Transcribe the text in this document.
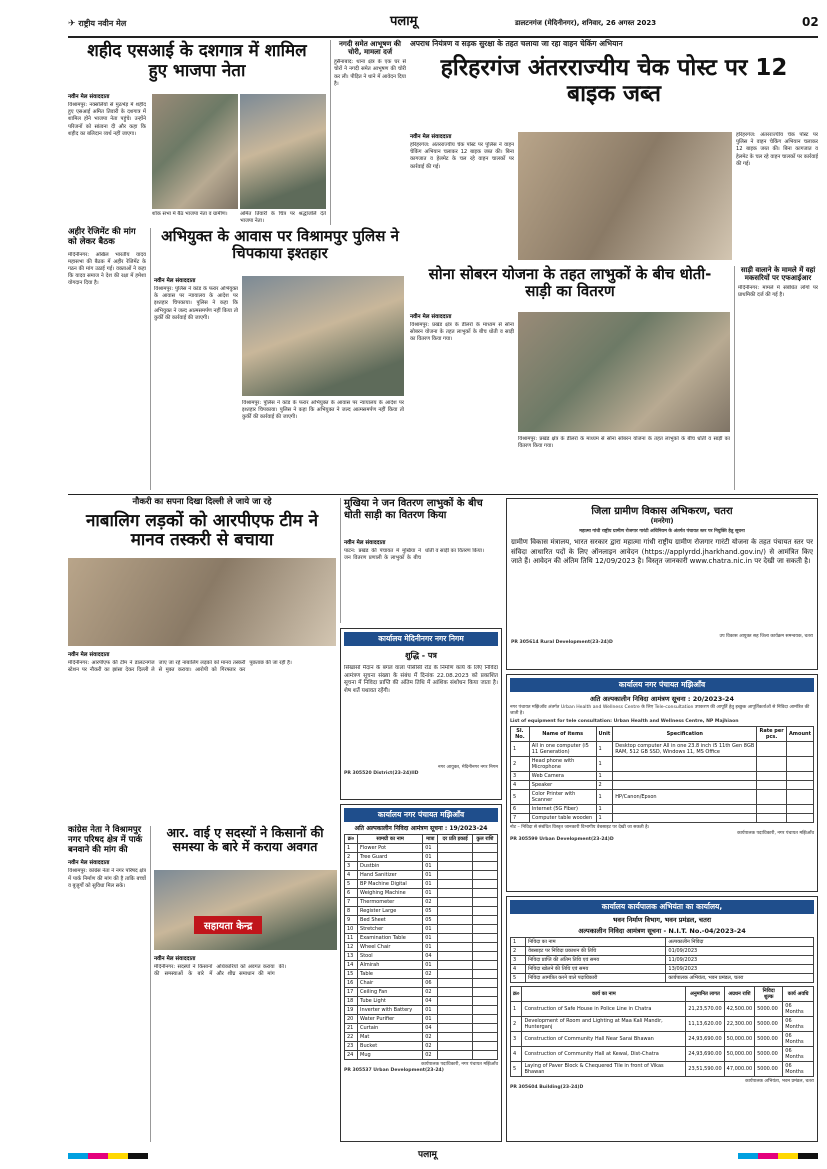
✈ राष्ट्रीय नवीन मेल	पलामू	डालटनगंज (मेदिनीनगर), शनिवार, 26 अगस्त 2023	02
शहीद एसआई के दशगात्र में शामिल हुए भाजपा नेता
नवीन मेल संवाददाता
विश्रामपुर: नक्सलियों से मुठभेड़ में शहीद हुए एसआई अमित तिवारी के दशगात्र में शामिल होने भाजपा नेता पहुंचे। उन्होंने परिजनों को सांत्वना दी और कहा कि शहीद का बलिदान व्यर्थ नहीं जाएगा।
शोक सभा में बैठे भाजपा नेता व ग्रामीण।	अमित तिवारी के चित्र पर श्रद्धांजलि देते भाजपा नेता।
नगदी समेत आभूषण की चोरी, मामला दर्ज
हुसैनाबाद: थाना क्षेत्र के एक घर से चोरों ने नगदी समेत आभूषण की चोरी कर ली। पीड़ित ने थाने में आवेदन दिया है।
अपराध नियंत्रण व सड़क सुरक्षा के तहत चलाया जा रहा वाहन चेकिंग अभियान
हरिहरगंज अंतरराज्यीय चेक पोस्ट पर 12 बाइक जब्त
नवीन मेल संवाददाता
हरिहरगंज: अंतरराज्यीय चेक पोस्ट पर पुलिस ने वाहन चेकिंग अभियान चलाकर 12 बाइक जब्त की। बिना कागजात व हेलमेट के चल रहे वाहन चालकों पर कार्रवाई की गई।
हरिहरगंज: अंतरराज्यीय चेक पोस्ट पर पुलिस ने वाहन चेकिंग अभियान चलाकर 12 बाइक जब्त की। बिना कागजात व हेलमेट के चल रहे वाहन चालकों पर कार्रवाई की गई।
अहीर रेजिमेंट की मांग को लेकर बैठक
मेदिनीनगर: अखिल भारतीय यादव महासभा की बैठक में अहीर रेजिमेंट के गठन की मांग उठाई गई। वक्ताओं ने कहा कि यादव समाज ने देश की रक्षा में हमेशा योगदान दिया है।
अभियुक्त के आवास पर विश्रामपुर पुलिस ने चिपकाया इश्तहार
नवीन मेल संवाददाता
विश्रामपुर: पुलिस ने कांड के फरार अभियुक्त के आवास पर न्यायालय के आदेश पर इश्तहार चिपकाया। पुलिस ने कहा कि अभियुक्त ने जल्द आत्मसमर्पण नहीं किया तो कुर्की की कार्रवाई की जाएगी।
विश्रामपुर: पुलिस ने कांड के फरार अभियुक्त के आवास पर न्यायालय के आदेश पर इश्तहार चिपकाया। पुलिस ने कहा कि अभियुक्त ने जल्द आत्मसमर्पण नहीं किया तो कुर्की की कार्रवाई की जाएगी।
सोना सोबरन योजना के तहत लाभुकों के बीच धोती-साड़ी का वितरण
नवीन मेल संवाददाता
विश्रामपुर: प्रखंड क्षेत्र के डीलरों के माध्यम से सोना सोबरन योजना के तहत लाभुकों के बीच धोती व साड़ी का वितरण किया गया।
विश्रामपुर: प्रखंड क्षेत्र के डीलरों के माध्यम से सोना सोबरन योजना के तहत लाभुकों के बीच धोती व साड़ी का वितरण किया गया।
साड़ी वालाने के मामले में वहां मकसरियों पर एफआईआर
मेदिनीनगर: मामले में संबंधित लोगों पर प्राथमिकी दर्ज की गई है।
नौकरी का सपना दिखा दिल्ली ले जाये जा रहे
नाबालिग लड़कों को आरपीएफ टीम ने मानव तस्करी से बचाया
नवीन मेल संवाददाता
मेदिनीनगर: आरपीएफ की टीम ने डालटनगंज स्टेशन पर नौकरी का झांसा देकर दिल्ली ले जाए जा रहे नाबालिग लड़कों को मानव तस्करी से मुक्त कराया। आरोपी को गिरफ्तार कर पूछताछ की जा रही है।
मुखिया ने जन वितरण लाभुकों के बीच धोती साड़ी का वितरण किया
नवीन मेल संवाददाता
पाटन: प्रखंड की पंचायत में मुखिया ने जन वितरण प्रणाली के लाभुकों के बीच धोती व साड़ी का वितरण किया।
कार्यालय मेदिनीनगर नगर निगम
शुद्धि - पत्र
सिखासो मैदान के बगल वाला पीसीसी रोड के निर्माण कार्य के लिए निविदा आमंत्रण सूचना संख्या के संबंध में दिनांक 22.08.2023 को प्रकाशित सूचना में निविदा प्राप्ति की अंतिम तिथि में आंशिक संशोधन किया जाता है। शेष शर्ते यथावत रहेंगी।
नगर आयुक्त, मेदिनीनगर नगर निगम
PR 305520 District(23-24)IID
कार्यालय नगर पंचायत मझिआँव
अति अल्पकालीन निविदा आमंत्रण सूचना : 19/2023-24
क्र०	सामग्री का नाम	मात्रा	दर प्रति इकाई	कुल राशि
1	Flower Pot	01		
2	Tree Guard	01		
3	Dustbin	01		
4	Hand Sanitizer	01		
5	BP Machine Digital	01		
6	Weighing Machine	01		
7	Thermometer	02		
8	Register Large	05		
9	Bed Sheet	05		
10	Stretcher	01		
11	Examination Table	01		
12	Wheel Chair	01		
13	Stool	04		
14	Almirah	01		
15	Table	02		
16	Chair	06		
17	Ceiling Fan	02		
18	Tube Light	04		
19	Inverter with Battery	01		
20	Water Purifier	01		
21	Curtain	04		
22	Mat	02		
23	Bucket	02		
24	Mug	02		
कार्यपालक पदाधिकारी, नगर पंचायत मझिआँव
PR 305537 Urban Development(23-24)
जिला ग्रामीण विकास अभिकरण, चतरा
(मनरेगा)
महात्मा गांधी राष्ट्रीय ग्रामीण रोजगार गारंटी अधिनियम के अंतर्गत पंचायत स्तर पर नियुक्ति हेतु सूचना
ग्रामीण विकास मंत्रालय, भारत सरकार द्वारा महात्मा गांधी राष्ट्रीय ग्रामीण रोजगार गारंटी योजना के तहत पंचायत स्तर पर संविदा आधारित पदों के लिए ऑनलाइन आवेदन (https://applyrdd.jharkhand.gov.in/) से आमंत्रित किए जाते हैं। आवेदन की अंतिम तिथि 12/09/2023 है। विस्तृत जानकारी www.chatra.nic.in पर देखी जा सकती है।
उप विकास आयुक्त सह जिला कार्यक्रम समन्वयक, चतरा
PR 305614 Rural Development(23-24)D
कार्यालय नगर पंचायत मझिआँव
अति अल्पकालीन निविदा आमंत्रण सूचना : 20/2023-24
नगर पंचायत मझिआँव अंतर्गत Urban Health and Wellness Centre के लिए Tele-consultation उपकरण की आपूर्ति हेतु इच्छुक आपूर्तिकर्ताओं से निविदा आमंत्रित की जाती है।
List of equipment for tele consultation: Urban Health and Wellness Centre, NP Majhiaon
Sl. No.	Name of items	Unit	Specification	Rate per pcs.	Amount
1	All in one computer (i5 11 Generation)	1	Desktop computer All in one 23.8 inch i5 11th Gen 8GB RAM, 512 GB SSD, Windows 11, MS Office		
2	Head phone with Microphone	1			
3	Web Camera	1			
4	Speaker	2			
5	Color Printer with Scanner	1	HP/Canon/Epson		
6	Internet (5G Fiber)	1			
7	Computer table wooden	1			
नोट – निविदा से संबंधित विस्तृत जानकारी विभागीय वेबसाइट पर देखी जा सकती है।
कार्यपालक पदाधिकारी, नगर पंचायत मझिआँव
PR 305599 Urban Development(23-24)D
कांग्रेस नेता ने विश्रामपुर नगर परिषद क्षेत्र में पार्क बनवाने की मांग की
नवीन मेल संवाददाता
विश्रामपुर: कांग्रेस नेता ने नगर परिषद क्षेत्र में पार्क निर्माण की मांग की है ताकि बच्चों व बुजुर्गों को सुविधा मिल सके।
आर. वाई ए सदस्यों ने किसानों की समस्या के बारे में कराया अवगत
सहायता केन्द्र
नवीन मेल संवाददाता
मेदिनीनगर: सदस्यों ने किसानों की समस्याओं के बारे में अधिकारियों को अवगत कराया और शीघ्र समाधान की मांग की।
कार्यालय कार्यपालक अभियंता का कार्यालय,
भवन निर्माण विभाग, भवन प्रमंडल, चतरा
अल्पकालीन निविदा आमंत्रण सूचना - N.I.T. No.-04/2023-24
1	निविदा का नाम	अल्पकालीन निविदा
2	वेबसाइट पर निविदा प्रकाशन की तिथि	01/09/2023
3	निविदा प्राप्ति की अंतिम तिथि एवं समय	11/09/2023
4	निविदा खोलने की तिथि एवं समय	13/09/2023
5	निविदा आमंत्रित करने वाले पदाधिकारी	कार्यपालक अभियंता, भवन प्रमंडल, चतरा
क्र०	कार्य का नाम	अनुमानित लागत	अग्रधन राशि	निविदा शुल्क	कार्य अवधि
1	Construction of Safe House in Police Line in Chatra	21,23,570.00	42,500.00	5000.00	06 Months
2	Development of Room and Lighting at Maa Kali Mandir, Hunterganj	11,13,620.00	22,300.00	5000.00	06 Months
3	Construction of Community Hall Near Sarai Bhawan	24,93,690.00	50,000.00	5000.00	06 Months
4	Construction of Community Hall at Kewal, Dist-Chatra	24,93,690.00	50,000.00	5000.00	06 Months
5	Laying of Paver Block & Chequered Tile in front of Vikas Bhawan	23,51,590.00	47,000.00	5000.00	06 Months
कार्यपालक अभियंता, भवन प्रमंडल, चतरा
PR 305604 Building(23-24)D
पलामू
